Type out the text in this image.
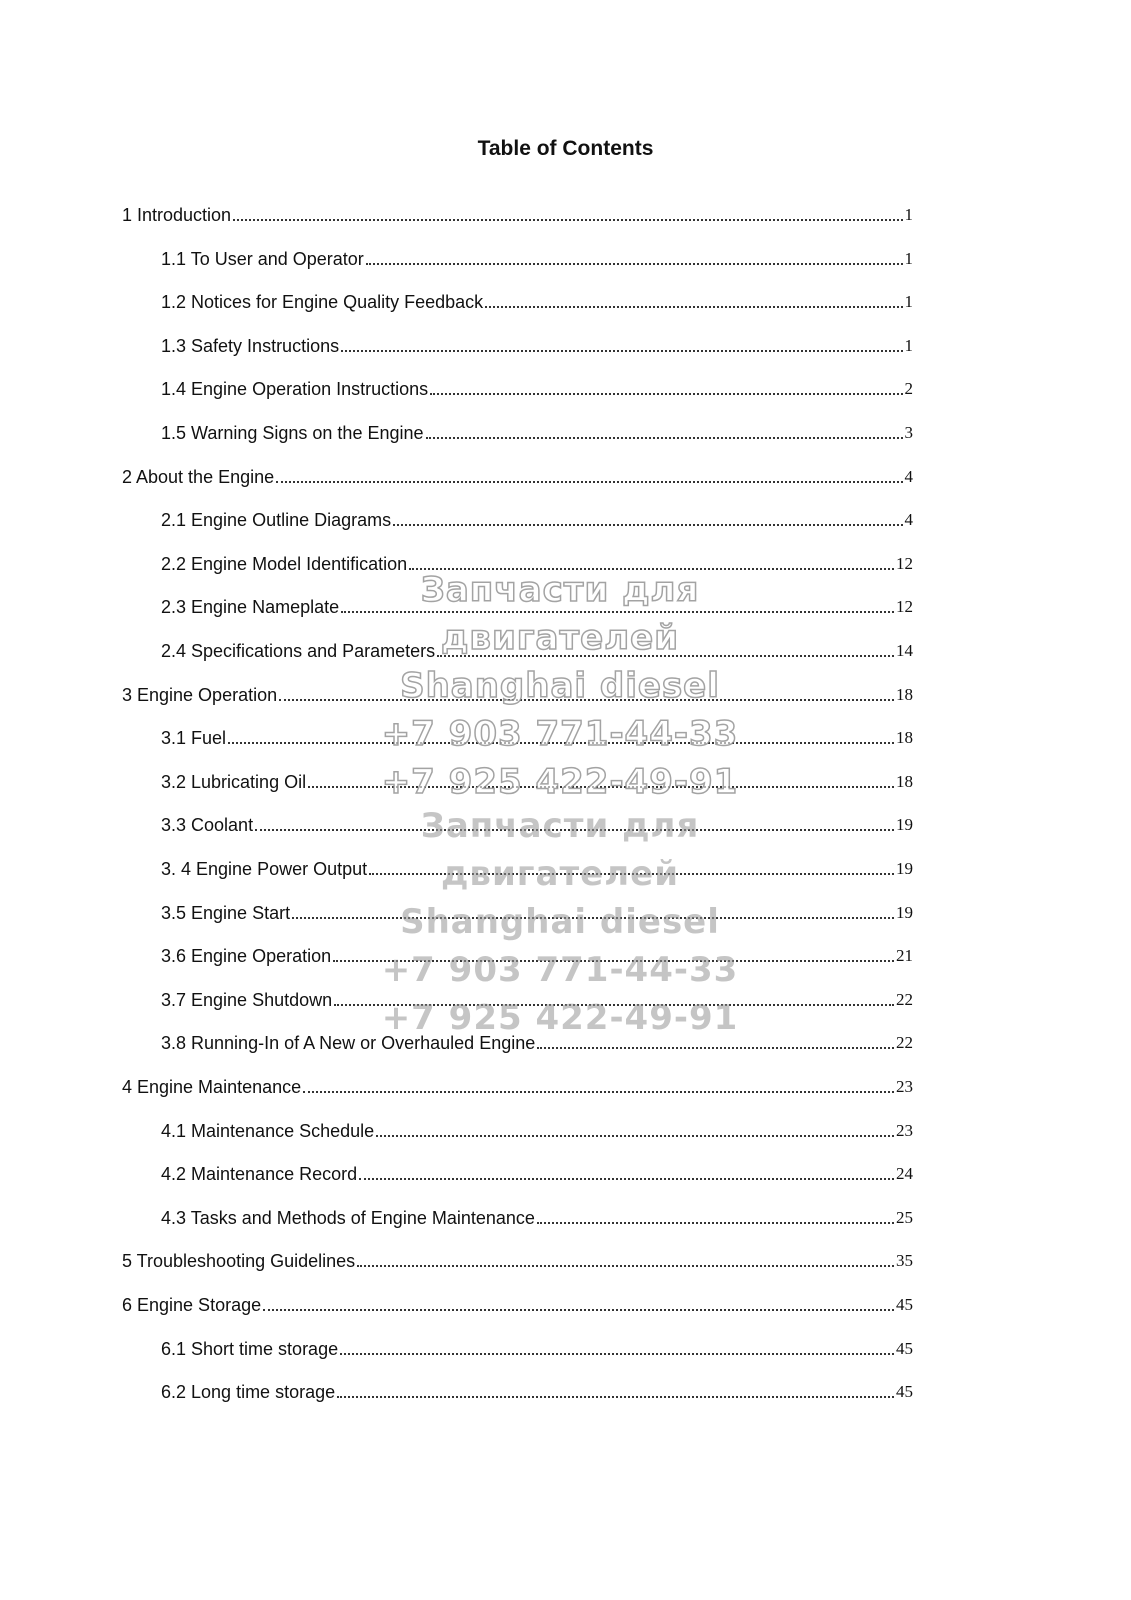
Table of Contents
1 Introduction	1
1.1 To User and Operator	1
1.2 Notices for Engine Quality Feedback	1
1.3 Safety Instructions	1
1.4 Engine Operation Instructions	2
1.5 Warning Signs on the Engine	3
2 About the Engine	4
2.1 Engine Outline Diagrams	4
2.2 Engine Model Identification	12
2.3 Engine Nameplate	12
2.4 Specifications and Parameters	14
3 Engine Operation	18
3.1 Fuel	18
3.2 Lubricating Oil	18
3.3 Coolant	19
3. 4 Engine Power Output	19
3.5 Engine Start	19
3.6 Engine Operation	21
3.7 Engine Shutdown	22
3.8 Running-In of A New or Overhauled Engine	22
4 Engine Maintenance	23
4.1 Maintenance Schedule	23
4.2 Maintenance Record	24
4.3 Tasks and Methods of Engine Maintenance	25
5 Troubleshooting Guidelines	35
6 Engine Storage	45
6.1 Short time storage	45
6.2 Long time storage	45
Запчасти для двигателей
Shanghai diesel
+7 903 771-44-33
+7 925 422-49-91
Запчасти для двигателей
Shanghai diesel
+7 903 771-44-33
+7 925 422-49-91
